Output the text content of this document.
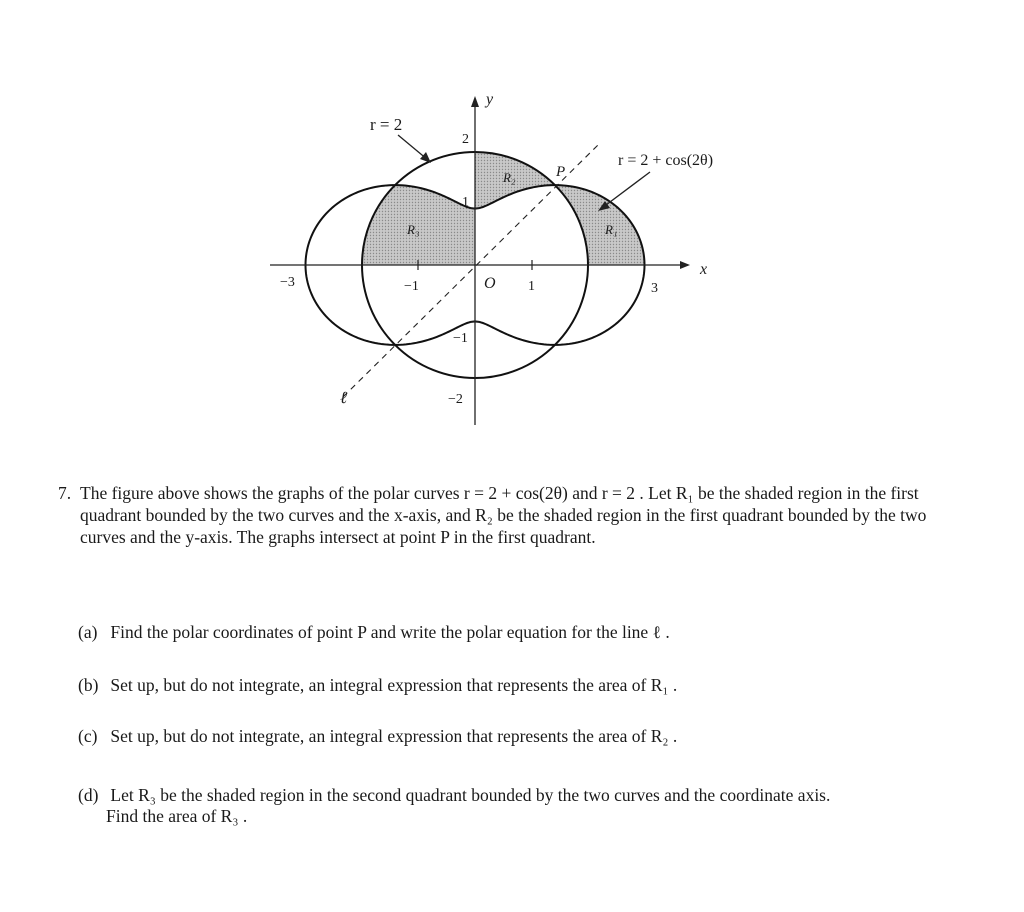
x
y
r = 2
r = 2 + cos(2θ)
P
ℓ
O
R₁
R₂
R₃
−3	−1	1	3
2
1
−1
−2
7. The figure above shows the graphs of the polar curves r = 2 + cos(2θ) and r = 2 . Let R₁ be the shaded region in the first quadrant bounded by the two curves and the x-axis, and R₂ be the shaded region in the first quadrant bounded by the two curves and the y-axis. The graphs intersect at point P in the first quadrant.
(a) Find the polar coordinates of point P and write the polar equation for the line ℓ .
(b) Set up, but do not integrate, an integral expression that represents the area of R₁ .
(c) Set up, but do not integrate, an integral expression that represents the area of R₂ .
(d) Let R₃ be the shaded region in the second quadrant bounded by the two curves and the coordinate axis.
Find the area of R₃ .
